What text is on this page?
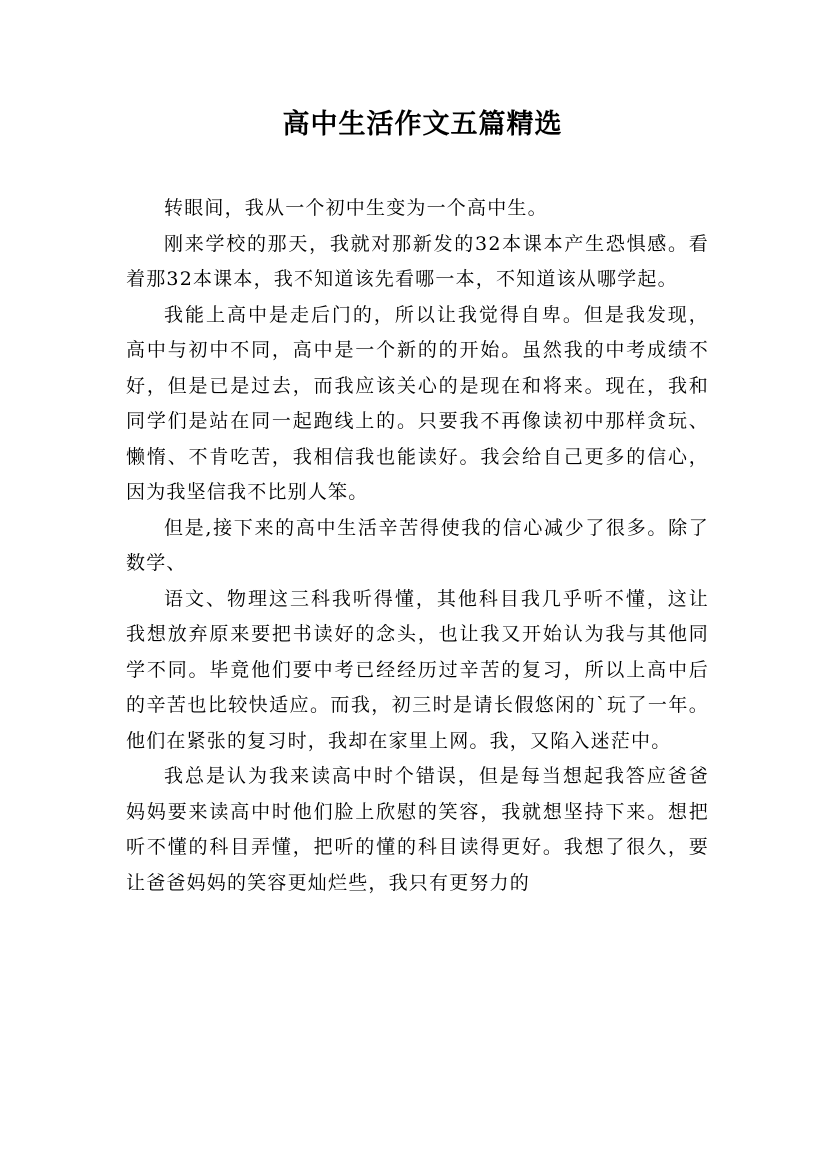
高中生活作文五篇精选

转眼间，我从一个初中生变为一个高中生。

刚来学校的那天，我就对那新发的32本课本产生恐惧感。看着那32本课本，我不知道该先看哪一本，不知道该从哪学起。

我能上高中是走后门的，所以让我觉得自卑。但是我发现，高中与初中不同，高中是一个新的的开始。虽然我的中考成绩不好，但是已是过去，而我应该关心的是现在和将来。现在，我和同学们是站在同一起跑线上的。只要我不再像读初中那样贪玩、懒惰、不肯吃苦，我相信我也能读好。我会给自己更多的信心，因为我坚信我不比别人笨。

但是,接下来的高中生活辛苦得使我的信心减少了很多。除了数学、

语文、物理这三科我听得懂，其他科目我几乎听不懂，这让我想放弃原来要把书读好的念头，也让我又开始认为我与其他同学不同。毕竟他们要中考已经经历过辛苦的复习，所以上高中后的辛苦也比较快适应。而我，初三时是请长假悠闲的`玩了一年。他们在紧张的复习时，我却在家里上网。我，又陷入迷茫中。

我总是认为我来读高中时个错误，但是每当想起我答应爸爸妈妈要来读高中时他们脸上欣慰的笑容，我就想坚持下来。想把听不懂的科目弄懂，把听的懂的科目读得更好。我想了很久，要让爸爸妈妈的笑容更灿烂些，我只有更努力的
